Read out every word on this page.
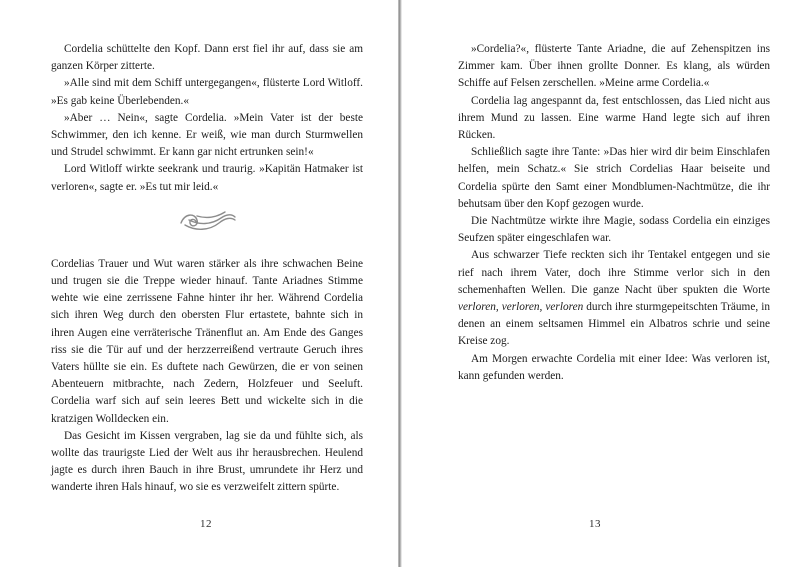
Cordelia schüttelte den Kopf. Dann erst fiel ihr auf, dass sie am ganzen Körper zitterte.

»Alle sind mit dem Schiff untergegangen«, flüsterte Lord Witloff. »Es gab keine Überlebenden.«

»Aber … Nein«, sagte Cordelia. »Mein Vater ist der beste Schwimmer, den ich kenne. Er weiß, wie man durch Sturmwellen und Strudel schwimmt. Er kann gar nicht ertrunken sein!«

Lord Witloff wirkte seekrank und traurig. »Kapitän Hatmaker ist verloren«, sagte er. »Es tut mir leid.«

Cordelias Trauer und Wut waren stärker als ihre schwachen Beine und trugen sie die Treppe wieder hinauf. Tante Ariadnes Stimme wehte wie eine zerrissene Fahne hinter ihr her. Während Cordelia sich ihren Weg durch den obersten Flur ertastete, bahnte sich in ihren Augen eine verräterische Tränenflut an. Am Ende des Ganges riss sie die Tür auf und der herzzerreißend vertraute Geruch ihres Vaters hüllte sie ein. Es duftete nach Gewürzen, die er von seinen Abenteuern mitbrachte, nach Zedern, Holzfeuer und Seeluft. Cordelia warf sich auf sein leeres Bett und wickelte sich in die kratzigen Wolldecken ein.

Das Gesicht im Kissen vergraben, lag sie da und fühlte sich, als wollte das traurigste Lied der Welt aus ihr herausbrechen. Heulend jagte es durch ihren Bauch in ihre Brust, umrundete ihr Herz und wanderte ihren Hals hinauf, wo sie es verzweifelt zittern spürte.

12

»Cordelia?«, flüsterte Tante Ariadne, die auf Zehenspitzen ins Zimmer kam. Über ihnen grollte Donner. Es klang, als würden Schiffe auf Felsen zerschellen. »Meine arme Cordelia.«

Cordelia lag angespannt da, fest entschlossen, das Lied nicht aus ihrem Mund zu lassen. Eine warme Hand legte sich auf ihren Rücken.

Schließlich sagte ihre Tante: »Das hier wird dir beim Einschlafen helfen, mein Schatz.« Sie strich Cordelias Haar beiseite und Cordelia spürte den Samt einer Mondblumen-Nachtmütze, die ihr behutsam über den Kopf gezogen wurde.

Die Nachtmütze wirkte ihre Magie, sodass Cordelia ein einziges Seufzen später eingeschlafen war.

Aus schwarzer Tiefe reckten sich ihr Tentakel entgegen und sie rief nach ihrem Vater, doch ihre Stimme verlor sich in den schemenhaften Wellen. Die ganze Nacht über spukten die Worte verloren, verloren, verloren durch ihre sturmgepeitschten Träume, in denen an einem seltsamen Himmel ein Albatros schrie und seine Kreise zog.

Am Morgen erwachte Cordelia mit einer Idee: Was verloren ist, kann gefunden werden.

13
